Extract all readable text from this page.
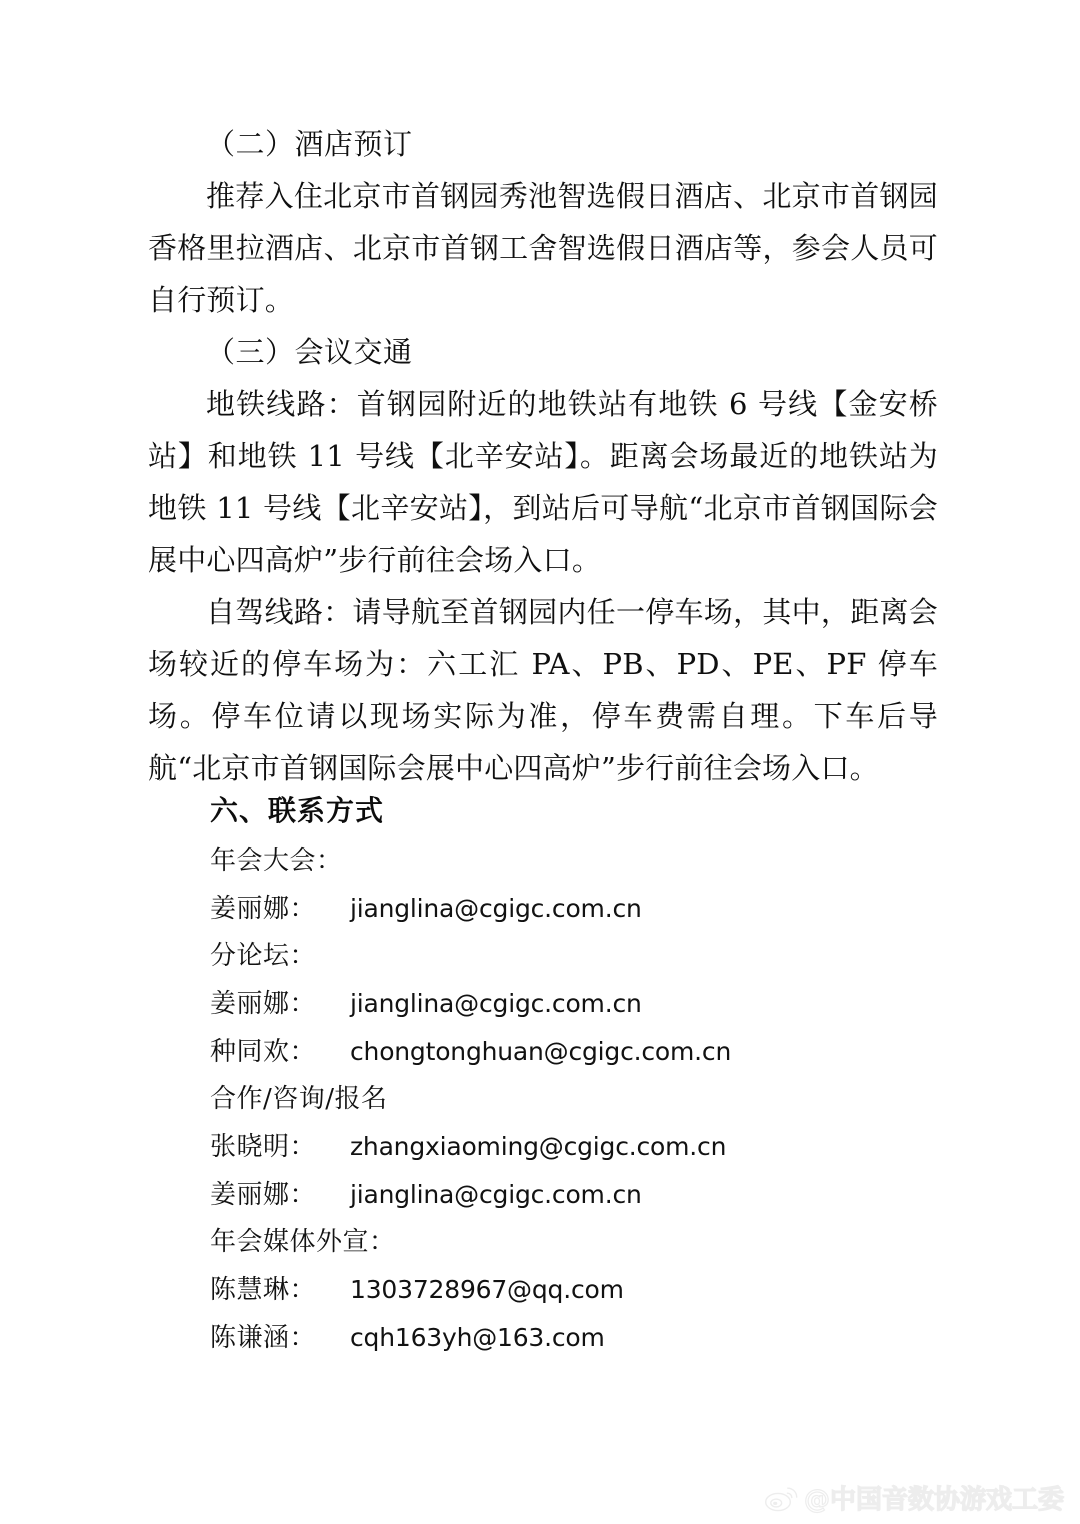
（二）酒店预订
推荐入住北京市首钢园秀池智选假日酒店、北京市首钢园香格里拉酒店、北京市首钢工舍智选假日酒店等，参会人员可自行预订。
（三）会议交通
地铁线路：首钢园附近的地铁站有地铁 6 号线【金安桥站】和地铁 11 号线【北辛安站】。距离会场最近的地铁站为地铁 11 号线【北辛安站】，到站后可导航“北京市首钢国际会展中心四高炉”步行前往会场入口。
自驾线路：请导航至首钢园内任一停车场，其中，距离会场较近的停车场为：六工汇 PA、PB、PD、PE、PF 停车场。停车位请以现场实际为准，停车费需自理。下车后导航“北京市首钢国际会展中心四高炉”步行前往会场入口。
六、联系方式
年会大会：
姜丽娜：	jianglina@cgigc.com.cn
分论坛：
姜丽娜：	jianglina@cgigc.com.cn
种同欢：	chongtonghuan@cgigc.com.cn
合作/咨询/报名
张晓明：	zhangxiaoming@cgigc.com.cn
姜丽娜：	jianglina@cgigc.com.cn
年会媒体外宣：
陈慧琳：	1303728967@qq.com
陈谦涵：	cqh163yh@163.com
@中国音数协游戏工委
